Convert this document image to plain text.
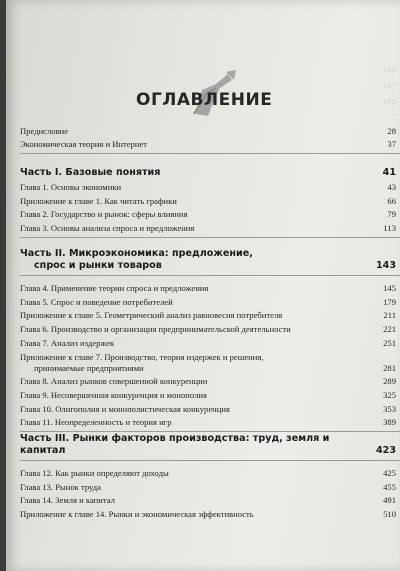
533
537
579
…
ОГЛАВЛЕНИЕ
Предисловие	28
Экономическая теория и Интернет	37
Часть I. Базовые понятия	41
Глава 1. Основы экономики	43
Приложение к главе 1. Как читать графики	66
Глава 2. Государство и рынок: сферы влияния	79
Глава 3. Основы анализа спроса и предложения	113
Часть II. Микроэкономика: предложение,
спрос и рынки товаров	143
Глава 4. Применение теории спроса и предложения	145
Глава 5. Спрос и поведение потребителей	179
Приложение к главе 5. Геометрический анализ равновесия потребителя	211
Глава 6. Производство и организация предпринимательской деятельности	221
Глава 7. Анализ издержек	251
Приложение к главе 7. Производство, теория издержек и решения,
принимаемые предприятиями	281
Глава 8. Анализ рынков совершенной конкуренции	289
Глава 9. Несовершенная конкуренция и монополия	325
Глава 10. Олигополия и монополистическая конкуренция	353
Глава 11. Неопределенность и теория игр	389
Часть III. Рынки факторов производства: труд, земля и капитал	423
Глава 12. Как рынки определяют доходы	425
Глава 13. Рынок труда	455
Глава 14. Земля и капитал	491
Приложение к главе 14. Рынки и экономическая эффективность	510
